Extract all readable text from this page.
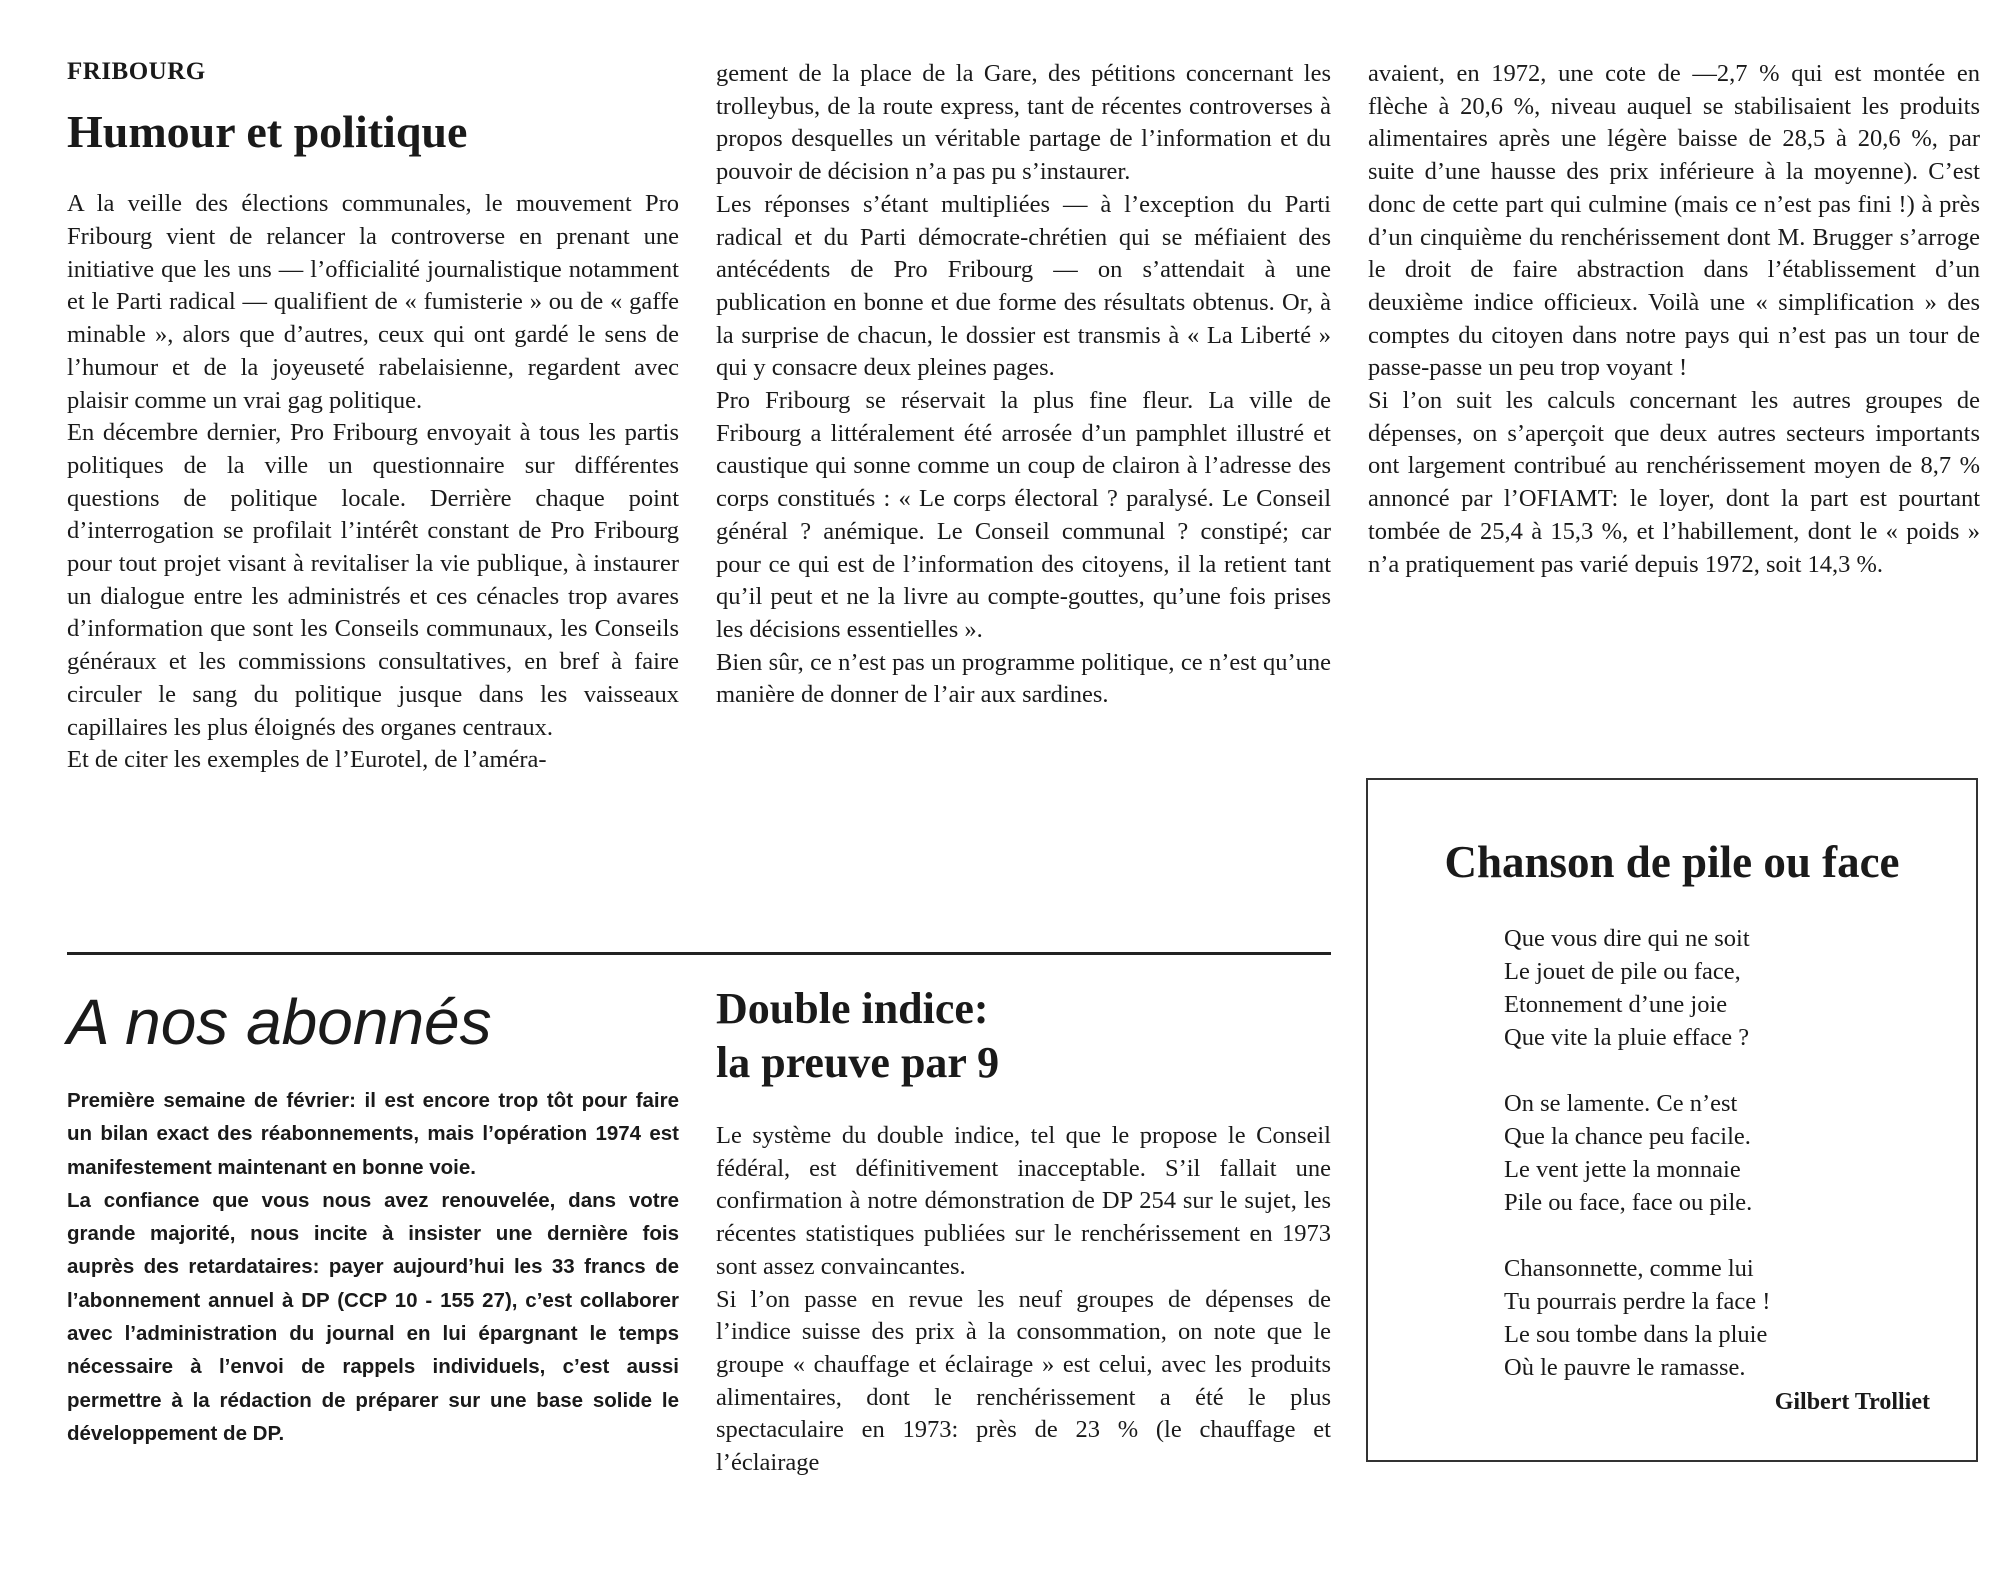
FRIBOURG
Humour et politique

A la veille des élections communales, le mouvement Pro Fribourg vient de relancer la controverse en prenant une initiative que les uns — l’officialité journalistique notamment et le Parti radical — qualifient de « fumisterie » ou de « gaffe minable », alors que d’autres, ceux qui ont gardé le sens de l’humour et de la joyeuseté rabelaisienne, regardent avec plaisir comme un vrai gag politique.

En décembre dernier, Pro Fribourg envoyait à tous les partis politiques de la ville un questionnaire sur différentes questions de politique locale. Derrière chaque point d’interrogation se profilait l’intérêt constant de Pro Fribourg pour tout projet visant à revitaliser la vie publique, à instaurer un dialogue entre les administrés et ces cénacles trop avares d’information que sont les Conseils communaux, les Conseils généraux et les commissions consultatives, en bref à faire circuler le sang du politique jusque dans les vaisseaux capillaires les plus éloignés des organes centraux.

Et de citer les exemples de l’Eurotel, de l’améra-

gement de la place de la Gare, des pétitions concernant les trolleybus, de la route express, tant de récentes controverses à propos desquelles un véritable partage de l’information et du pouvoir de décision n’a pas pu s’instaurer.

Les réponses s’étant multipliées — à l’exception du Parti radical et du Parti démocrate-chrétien qui se méfiaient des antécédents de Pro Fribourg — on s’attendait à une publication en bonne et due forme des résultats obtenus. Or, à la surprise de chacun, le dossier est transmis à « La Liberté » qui y consacre deux pleines pages.

Pro Fribourg se réservait la plus fine fleur. La ville de Fribourg a littéralement été arrosée d’un pamphlet illustré et caustique qui sonne comme un coup de clairon à l’adresse des corps constitués : « Le corps électoral ? paralysé. Le Conseil général ? anémique. Le Conseil communal ? constipé; car pour ce qui est de l’information des citoyens, il la retient tant qu’il peut et ne la livre au compte-gouttes, qu’une fois prises les décisions essentielles ».

Bien sûr, ce n’est pas un programme politique, ce n’est qu’une manière de donner de l’air aux sardines.

avaient, en 1972, une cote de —2,7 % qui est montée en flèche à 20,6 %, niveau auquel se stabilisaient les produits alimentaires après une légère baisse de 28,5 à 20,6 %, par suite d’une hausse des prix inférieure à la moyenne). C’est donc de cette part qui culmine (mais ce n’est pas fini !) à près d’un cinquième du renchérissement dont M. Brugger s’arroge le droit de faire abstraction dans l’établissement d’un deuxième indice officieux. Voilà une « simplification » des comptes du citoyen dans notre pays qui n’est pas un tour de passe-passe un peu trop voyant !

Si l’on suit les calculs concernant les autres groupes de dépenses, on s’aperçoit que deux autres secteurs importants ont largement contribué au renchérissement moyen de 8,7 % annoncé par l’OFIAMT: le loyer, dont la part est pourtant tombée de 25,4 à 15,3 %, et l’habillement, dont le « poids » n’a pratiquement pas varié depuis 1972, soit 14,3 %.

A nos abonnés

Première semaine de février: il est encore trop tôt pour faire un bilan exact des réabonnements, mais l’opération 1974 est manifestement maintenant en bonne voie.

La confiance que vous nous avez renouvelée, dans votre grande majorité, nous incite à insister une dernière fois auprès des retardataires: payer aujourd’hui les 33 francs de l’abonnement annuel à DP (CCP 10 - 155 27), c’est collaborer avec l’administration du journal en lui épargnant le temps nécessaire à l’envoi de rappels individuels, c’est aussi permettre à la rédaction de préparer sur une base solide le développement de DP.

Double indice:
la preuve par 9

Le système du double indice, tel que le propose le Conseil fédéral, est définitivement inacceptable. S’il fallait une confirmation à notre démonstration de DP 254 sur le sujet, les récentes statistiques publiées sur le renchérissement en 1973 sont assez convaincantes.

Si l’on passe en revue les neuf groupes de dépenses de l’indice suisse des prix à la consommation, on note que le groupe « chauffage et éclairage » est celui, avec les produits alimentaires, dont le renchérissement a été le plus spectaculaire en 1973: près de 23 % (le chauffage et l’éclairage

Chanson de pile ou face
Que vous dire qui ne soit
Le jouet de pile ou face,
Etonnement d’une joie
Que vite la pluie efface ?
On se lamente. Ce n’est
Que la chance peu facile.
Le vent jette la monnaie
Pile ou face, face ou pile.
Chansonnette, comme lui
Tu pourrais perdre la face !
Le sou tombe dans la pluie
Où le pauvre le ramasse.
Gilbert Trolliet
